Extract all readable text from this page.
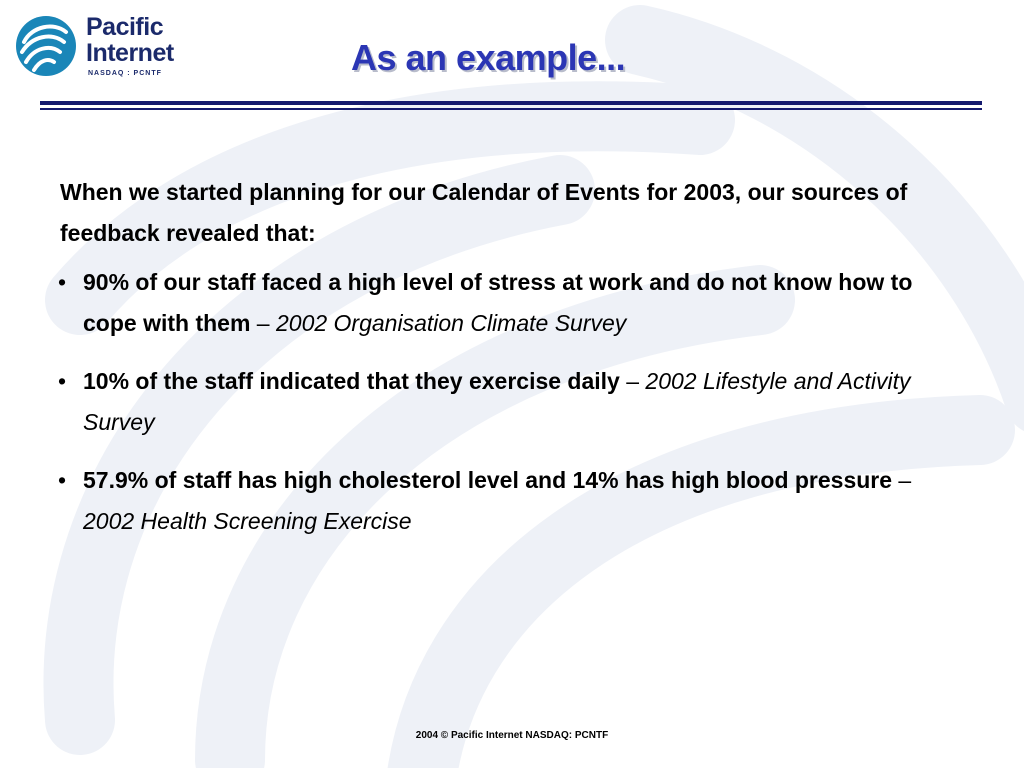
Pacific
Internet
NASDAQ : PCNTF	As an example...

When we started planning for our Calendar of Events for 2003, our sources of feedback revealed that:

• 90% of our staff faced a high level of stress at work and do not know how to cope with them – 2002 Organisation Climate Survey
• 10% of the staff indicated that they exercise daily – 2002 Lifestyle and Activity Survey
• 57.9% of staff has high cholesterol level and 14% has high blood pressure – 2002 Health Screening Exercise
2004 © Pacific Internet NASDAQ: PCNTF
